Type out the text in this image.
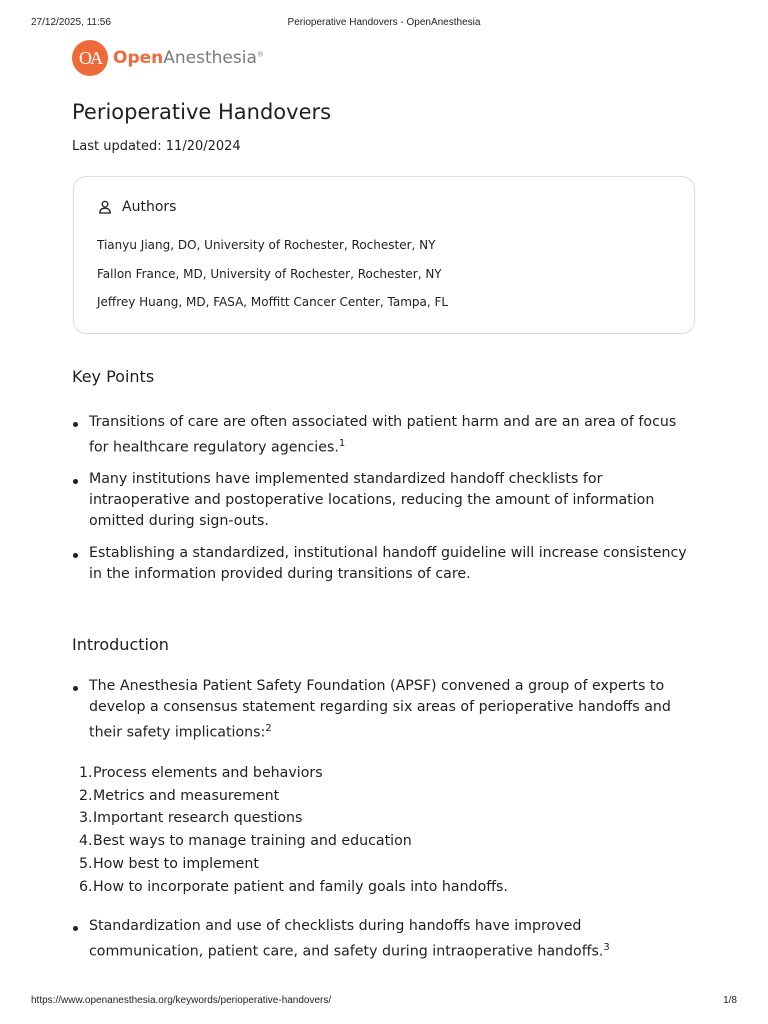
27/12/2025, 11:56	Perioperative Handovers - OpenAnesthesia
OA OpenAnesthesia®
Perioperative Handovers
Last updated: 11/20/2024
Authors
Tianyu Jiang, DO, University of Rochester, Rochester, NY
Fallon France, MD, University of Rochester, Rochester, NY
Jeffrey Huang, MD, FASA, Moffitt Cancer Center, Tampa, FL
Key Points
Transitions of care are often associated with patient harm and are an area of focus for healthcare regulatory agencies.$^1$
Many institutions have implemented standardized handoff checklists for intraoperative and postoperative locations, reducing the amount of information omitted during sign-outs.
Establishing a standardized, institutional handoff guideline will increase consistency in the information provided during transitions of care.
Introduction
The Anesthesia Patient Safety Foundation (APSF) convened a group of experts to develop a consensus statement regarding six areas of perioperative handoffs and their safety implications:$^2$
1.Process elements and behaviors
2.Metrics and measurement
3.Important research questions
4.Best ways to manage training and education
5.How best to implement
6.How to incorporate patient and family goals into handoffs.
Standardization and use of checklists during handoffs have improved communication, patient care, and safety during intraoperative handoffs.$^3$
https://www.openanesthesia.org/keywords/perioperative-handovers/	1/8
